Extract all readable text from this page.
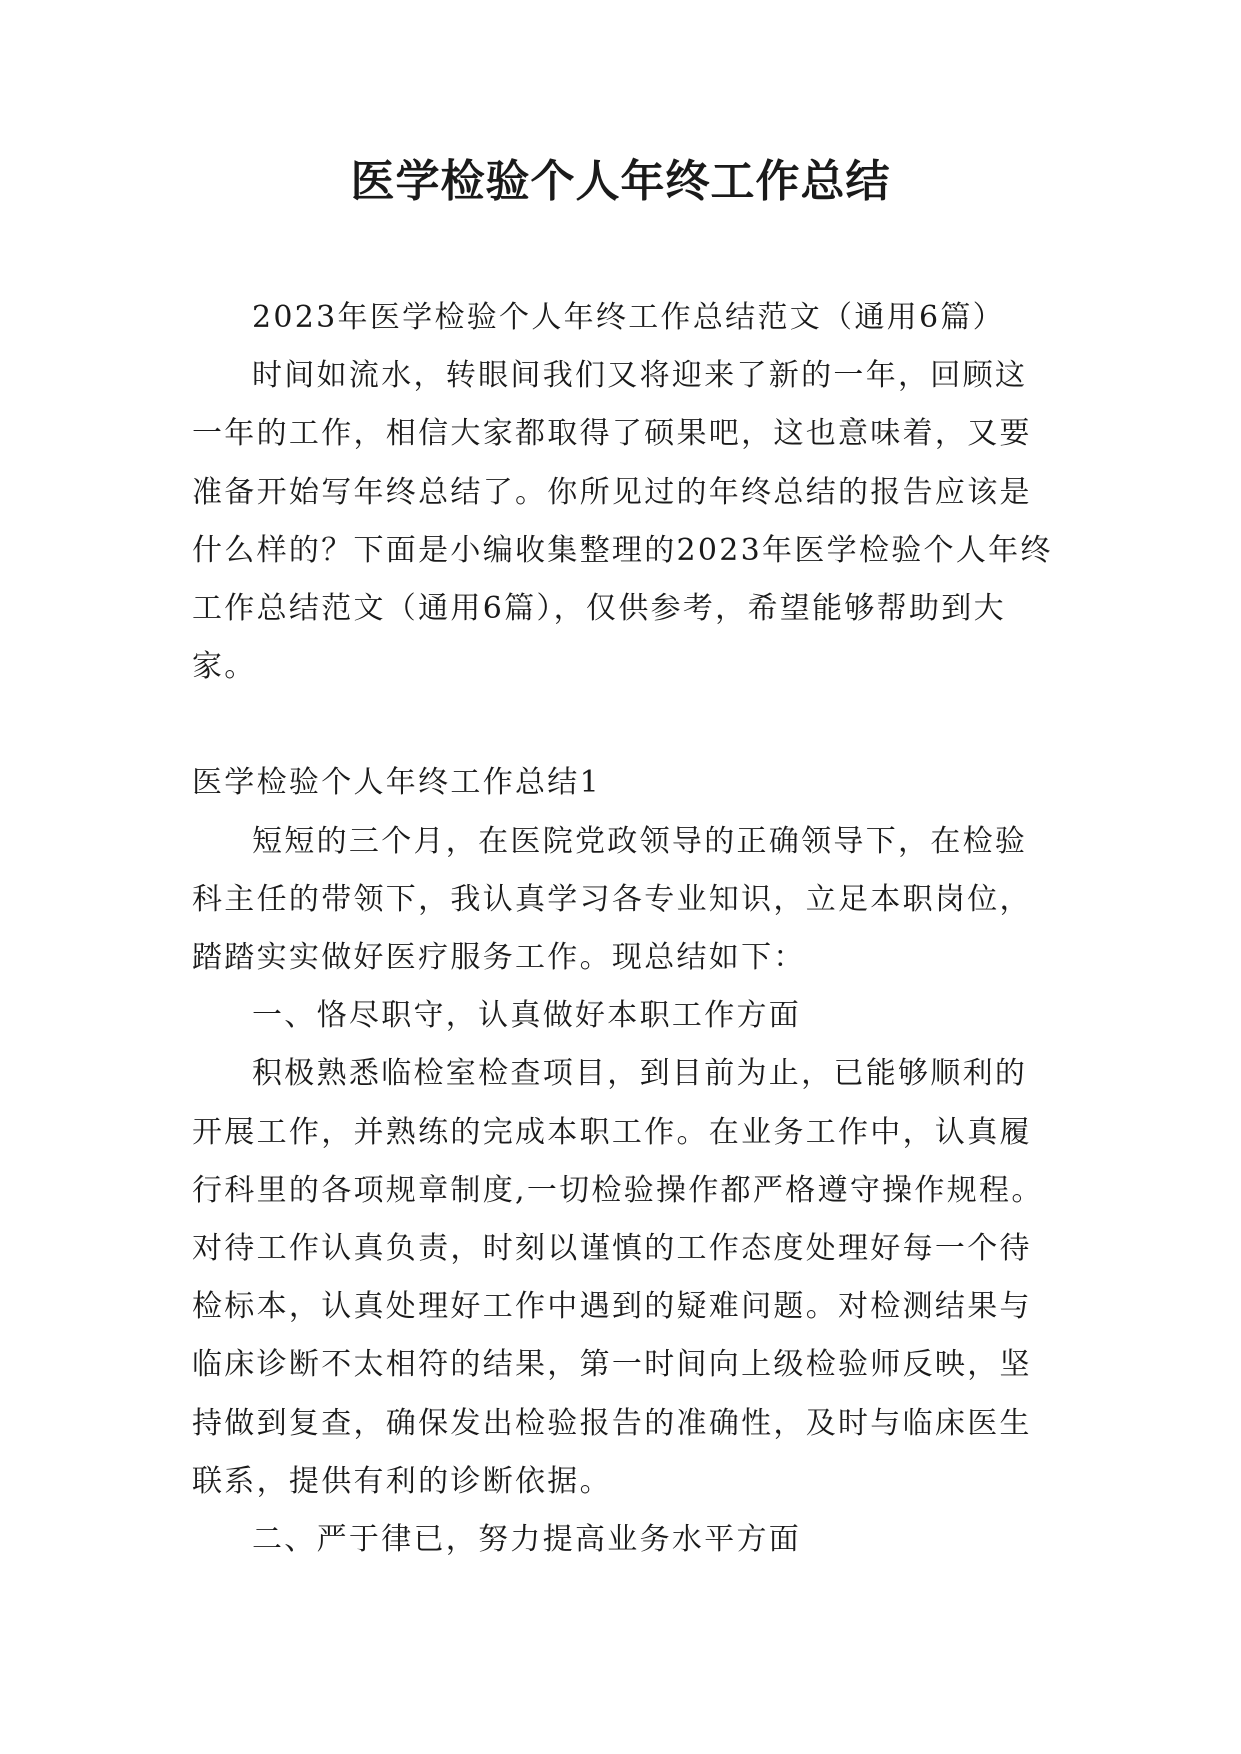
医学检验个人年终工作总结

2023年医学检验个人年终工作总结范文（通用6篇）

时间如流水，转眼间我们又将迎来了新的一年，回顾这一年的工作，相信大家都取得了硕果吧，这也意味着，又要准备开始写年终总结了。你所见过的年终总结的报告应该是什么样的？下面是小编收集整理的2023年医学检验个人年终工作总结范文（通用6篇），仅供参考，希望能够帮助到大家。

医学检验个人年终工作总结1

短短的三个月，在医院党政领导的正确领导下，在检验科主任的带领下，我认真学习各专业知识，立足本职岗位，踏踏实实做好医疗服务工作。现总结如下：

一、恪尽职守，认真做好本职工作方面

积极熟悉临检室检查项目，到目前为止，已能够顺利的开展工作，并熟练的完成本职工作。在业务工作中，认真履行科里的各项规章制度,一切检验操作都严格遵守操作规程。对待工作认真负责，时刻以谨慎的工作态度处理好每一个待检标本，认真处理好工作中遇到的疑难问题。对检测结果与临床诊断不太相符的结果，第一时间向上级检验师反映，坚持做到复查，确保发出检验报告的准确性，及时与临床医生联系，提供有利的诊断依据。

二、严于律已，努力提高业务水平方面
